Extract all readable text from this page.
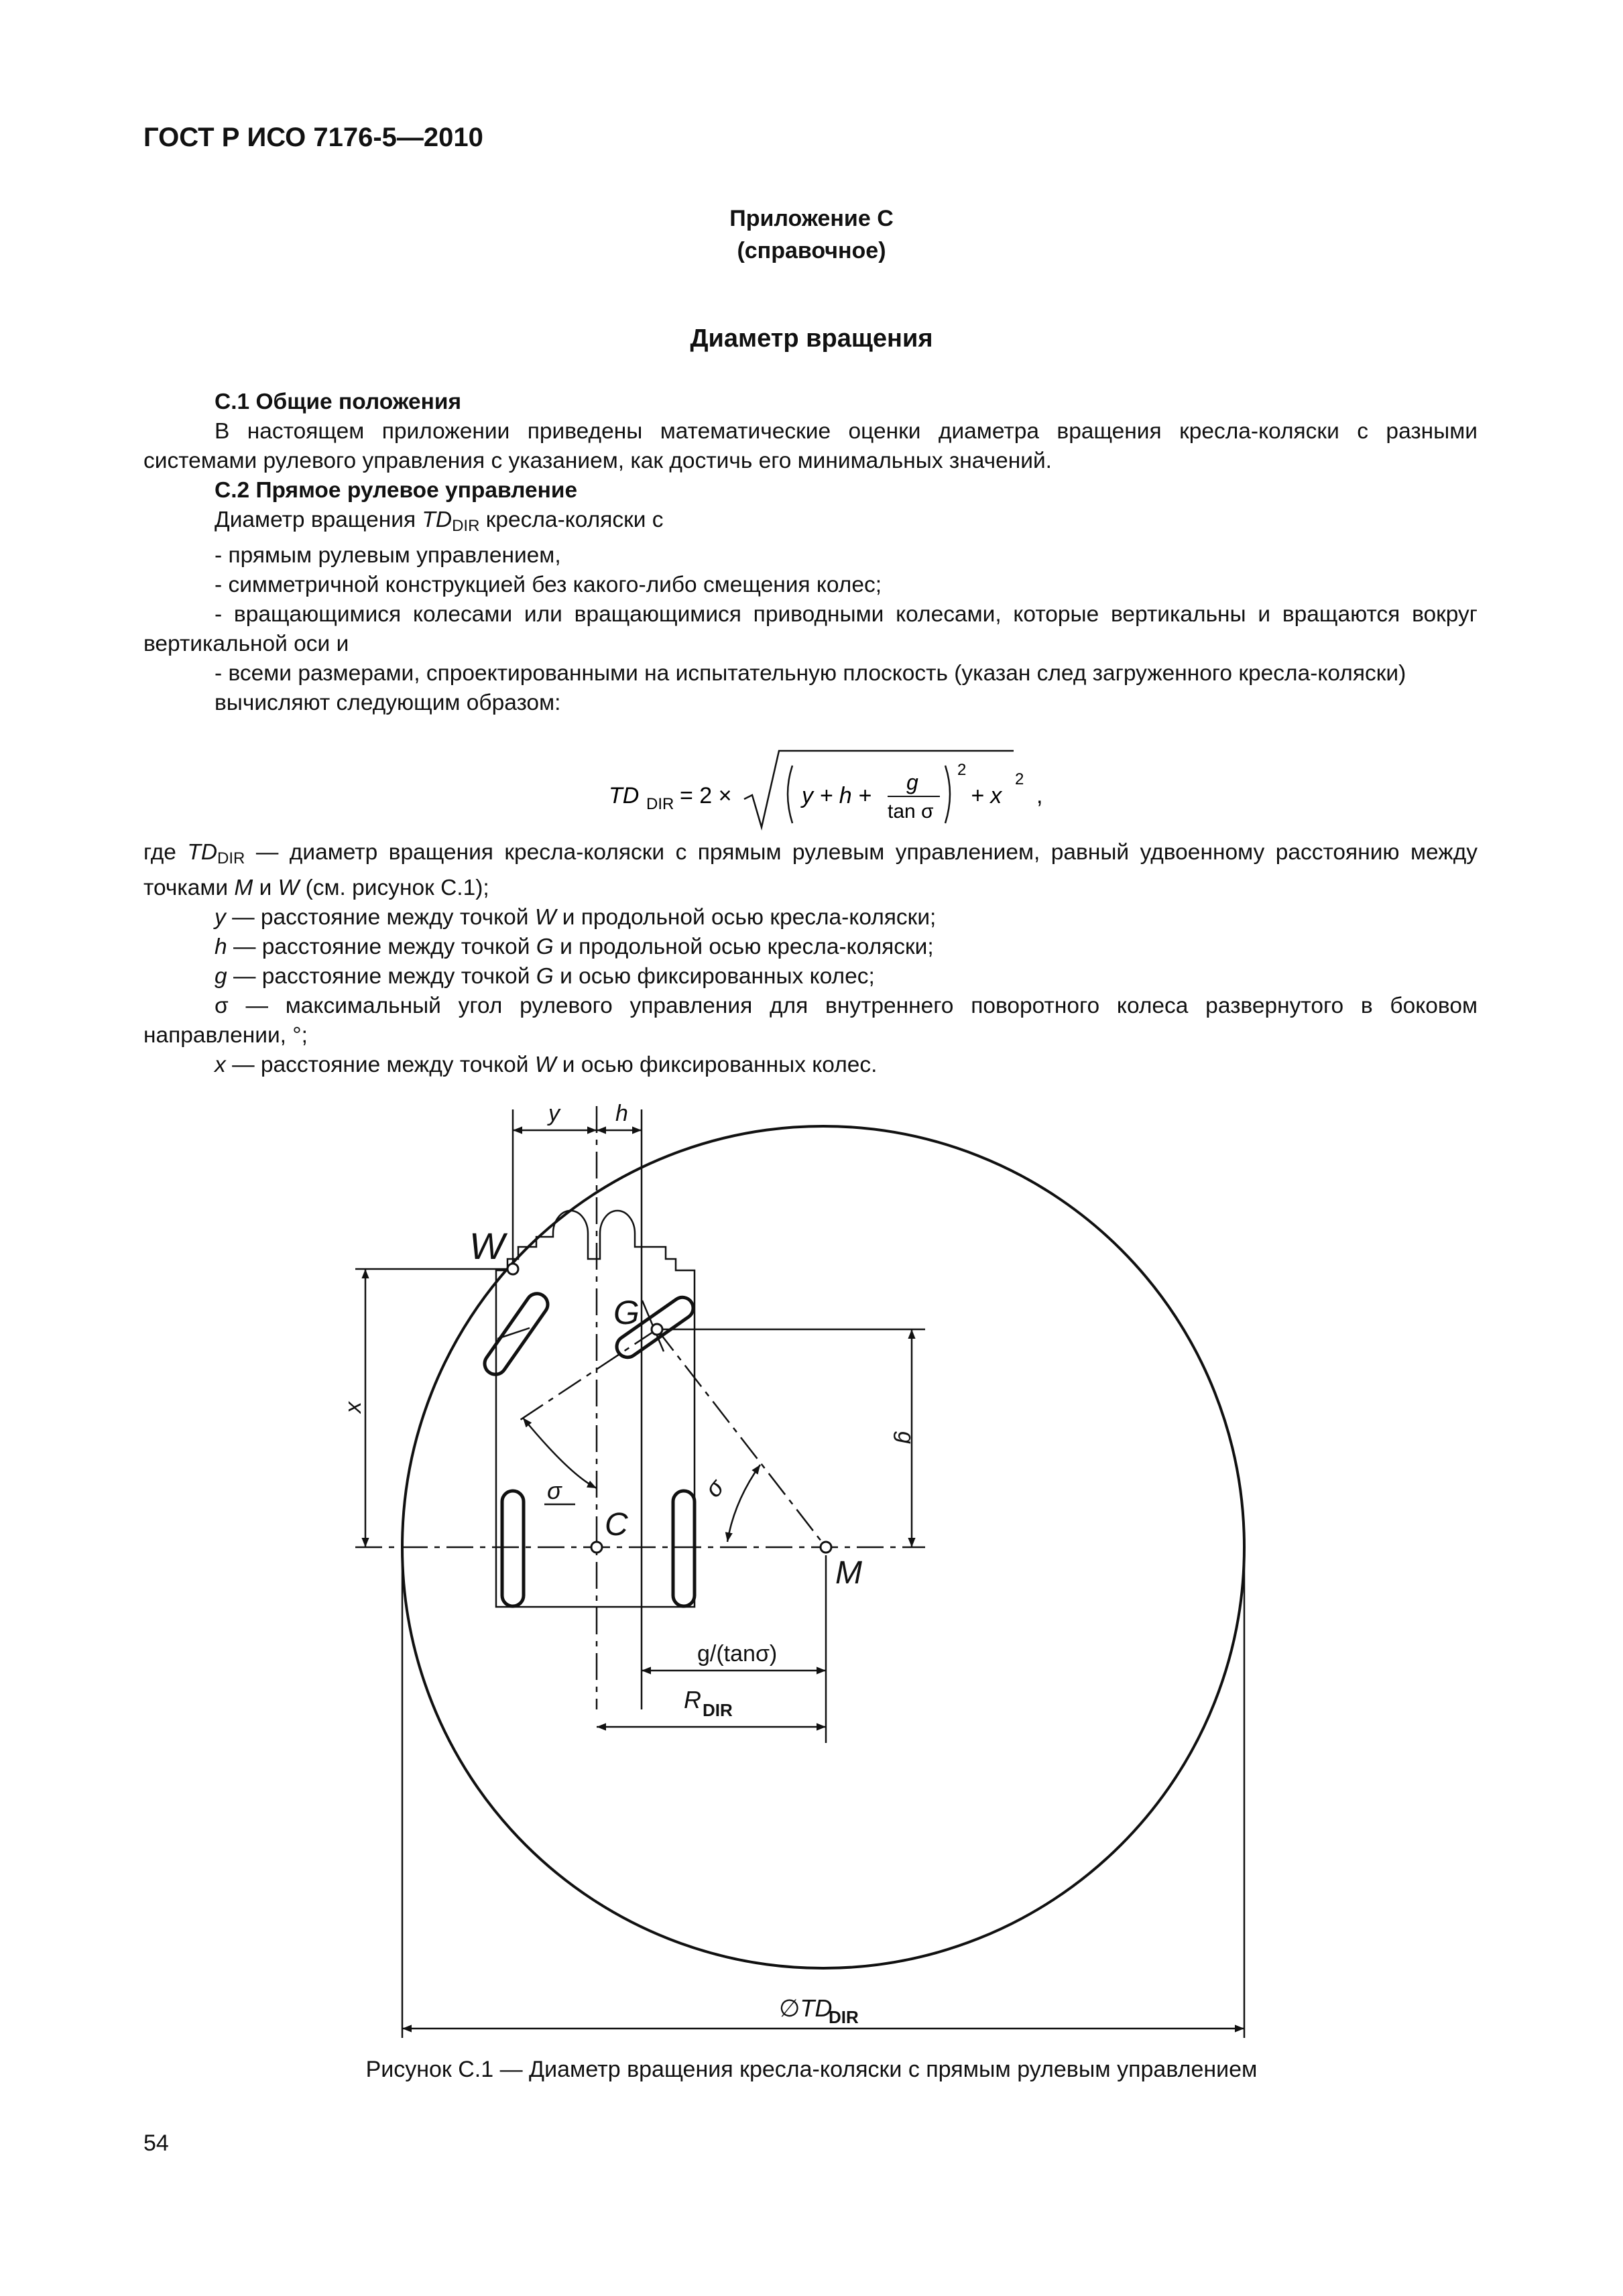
ГОСТ Р ИСО 7176-5—2010
Приложение С
(справочное)
Диаметр вращения

С.1 Общие положения

В настоящем приложении приведены математические оценки диаметра вращения кресла-коляски с разными системами рулевого управления с указанием, как достичь его минимальных значений.

С.2 Прямое рулевое управление

Диаметр вращения $TD_{DIR}$ кресла-коляски с

- прямым рулевым управлением,

- симметричной конструкцией без какого-либо смещения колес;

- вращающимися колесами или вращающимися приводными колесами, которые вертикальны и вращаются вокруг вертикальной оси и

- всеми размерами, спроектированными на испытательную плоскость (указан след загруженного кресла-коляски)

вычисляют следующим образом:

TD DIR = 2 ×	y + h +
g
tan σ
2
+ x
2
,

где $TD_{DIR}$ — диаметр вращения кресла-коляски с прямым рулевым управлением, равный удвоенному расстоянию между точками M и W (см. рисунок С.1);

y — расстояние между точкой W и продольной осью кресла-коляски;

h — расстояние между точкой G и продольной осью кресла-коляски;

g — расстояние между точкой G и осью фиксированных колес;

σ — максимальный угол рулевого управления для внутреннего поворотного колеса развернутого в боковом направлении, °;

x — расстояние между точкой W и осью фиксированных колес.

W
G
C
M
y h
x
g
σ	σ
R
∅TD
g/(tanσ)
DIR
DIR
Рисунок С.1 — Диаметр вращения кресла-коляски с прямым рулевым управлением
54
